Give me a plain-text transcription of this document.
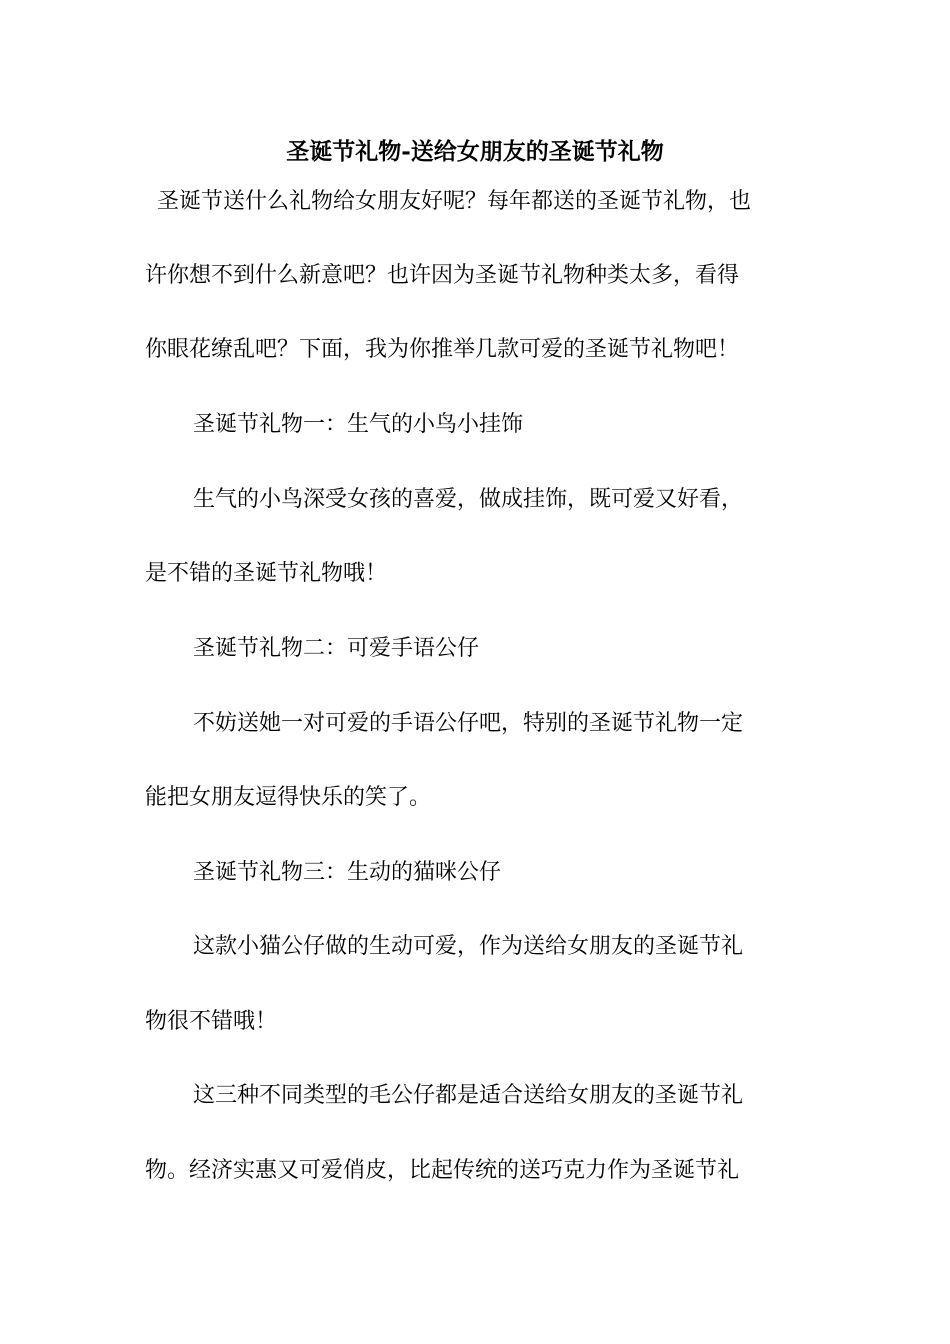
圣诞节礼物-送给女朋友的圣诞节礼物
圣诞节送什么礼物给女朋友好呢？每年都送的圣诞节礼物，也
许你想不到什么新意吧？也许因为圣诞节礼物种类太多，看得
你眼花缭乱吧？下面，我为你推举几款可爱的圣诞节礼物吧！
圣诞节礼物一：生气的小鸟小挂饰
生气的小鸟深受女孩的喜爱，做成挂饰，既可爱又好看，
是不错的圣诞节礼物哦！
圣诞节礼物二：可爱手语公仔
不妨送她一对可爱的手语公仔吧，特别的圣诞节礼物一定
能把女朋友逗得快乐的笑了。
圣诞节礼物三：生动的猫咪公仔
这款小猫公仔做的生动可爱，作为送给女朋友的圣诞节礼
物很不错哦！
这三种不同类型的毛公仔都是适合送给女朋友的圣诞节礼
物。经济实惠又可爱俏皮，比起传统的送巧克力作为圣诞节礼
